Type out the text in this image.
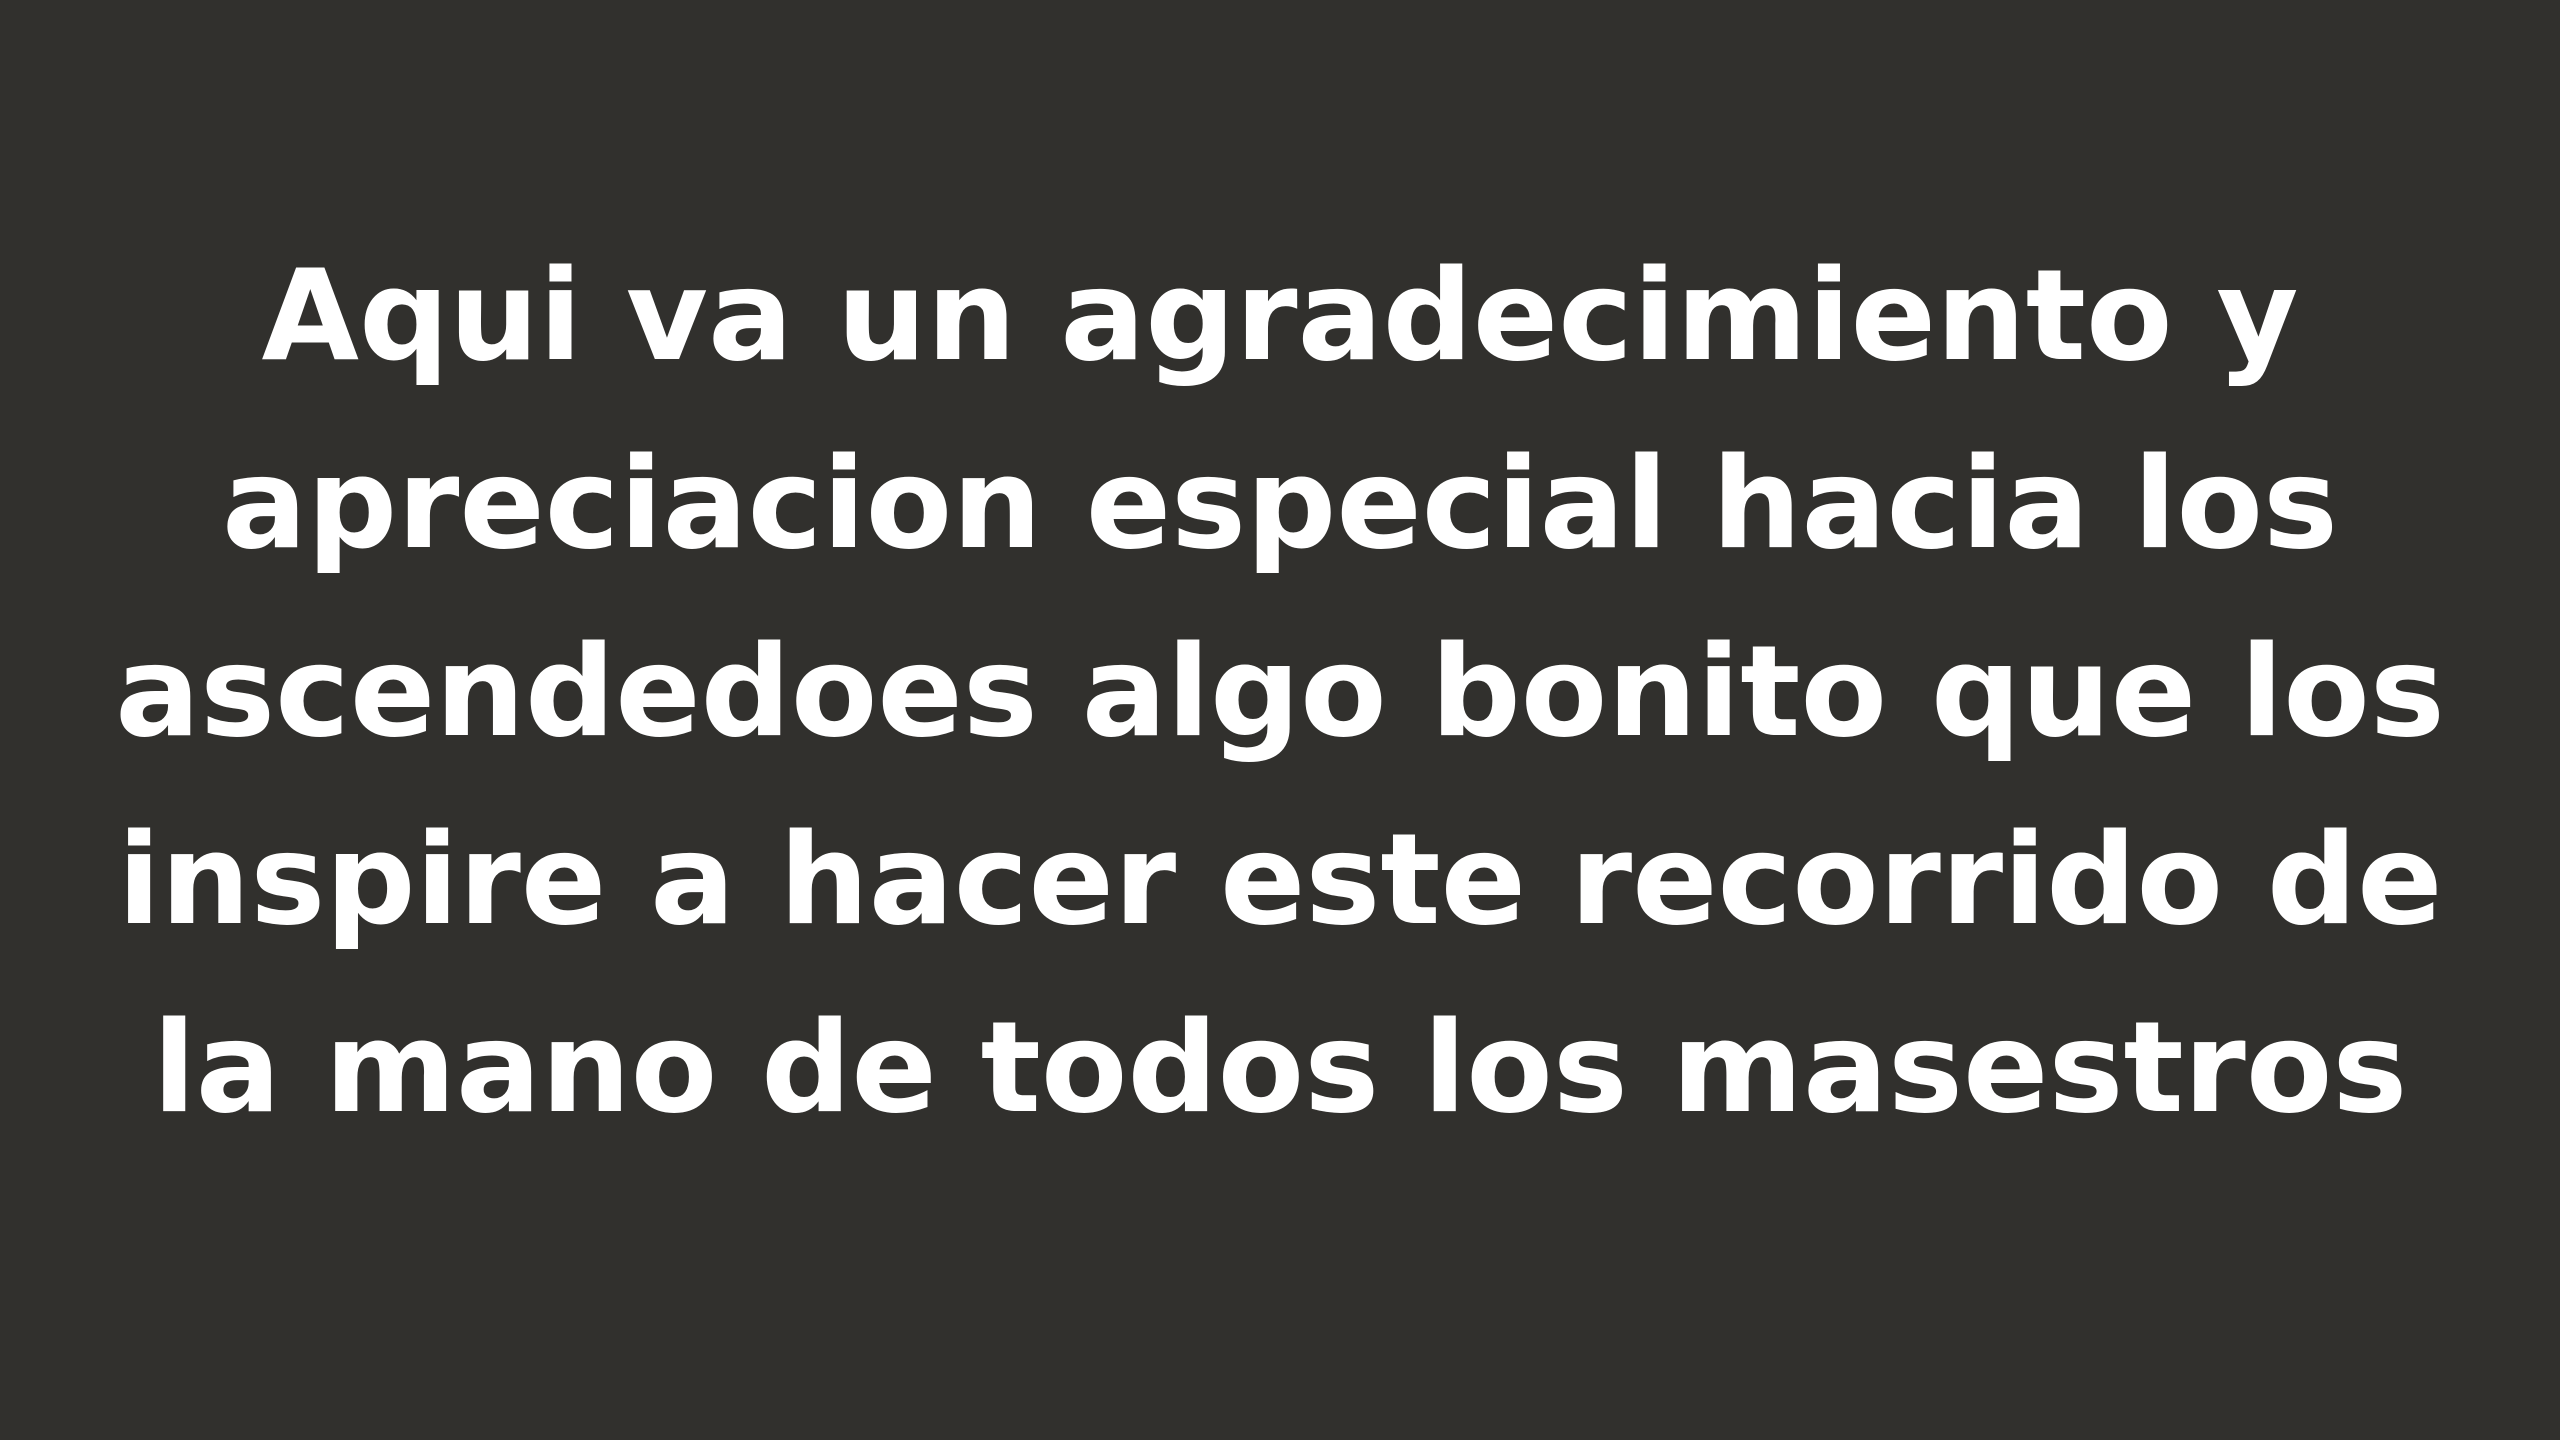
Aqui va un agradecimiento y
apreciacion especial hacia los
ascendedoes algo bonito que los
inspire a hacer este recorrido de
la mano de todos los masestros
